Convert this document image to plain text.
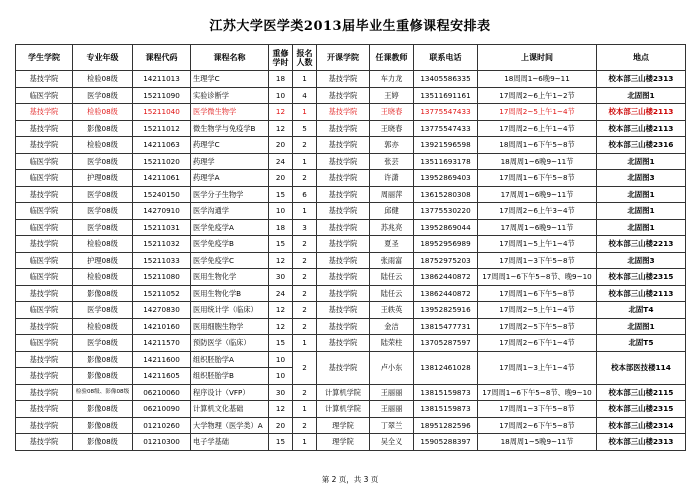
江苏大学医学类2013届毕业生重修课程安排表
学生学院	专业年级	课程代码	课程名称	重修学时	报名人数	开课学院	任课教师	联系电话	上课时间	地点
基技学院	检验08级	14211013	生理学C	18	1	基技学院	车力龙	13405586335	18周周1~6晚9~11	校本部三山楼2313
临医学院	医学08级	15211090	实验诊断学	10	4	基技学院	王婷	13511691161	17周周2~6上午1~2节	北固图1
基技学院	检验08级	15211040	医学微生物学	12	1	基技学院	王晓春	13775547433	17周周2~5上午1~4节	校本部三山楼2113
基技学院	影像08级	15211012	微生物学与免疫学B	12	5	基技学院	王晓春	13775547433	17周周2~6上午1~4节	校本部三山楼2113
基技学院	检验08级	14211063	药理学C	20	2	基技学院	郭亦	13921596598	18周周1~6下午5~8节	校本部三山楼2316
临医学院	医学08级	15211020	药理学	24	1	基技学院	张芸	13511693178	18周周1~6晚9~11节	北固图1
临医学院	护理08级	14211061	药理学A	20	2	基技学院	许潇	13952869403	17周周1~6下午5~8节	北固图3
基技学院	医学08级	15240150	医学分子生物学	15	6	基技学院	周丽萍	13615280308	17周周1~6晚9~11节	北固图1
临医学院	医学08级	14270910	医学沟通学	10	1	基技学院	邱健	13775530220	17周周2~6上午3~4节	北固图1
临医学院	医学08级	15211031	医学免疫学A	18	3	基技学院	苏兆亮	13952869044	17周周1~6晚9~11节	北固图1
基技学院	检验08级	15211032	医学免疫学B	15	2	基技学院	夏圣	18952956989	17周周1~5上午1~4节	校本部三山楼2213
临医学院	护理08级	15211033	医学免疫学C	12	2	基技学院	张雨富	18752975203	17周周1~3下午5~8节	北固图3
临医学院	检验08级	15211080	医用生物化学	30	2	基技学院	陆任云	13862440872	17周周1~6下午5~8节、晚9~10	校本部三山楼2315
基技学院	影像08级	15211052	医用生物化学B	24	2	基技学院	陆任云	13862440872	17周周1~6下午5~8节	校本部三山楼2113
临医学院	医学08级	14270830	医用统计学（临床）	12	2	基技学院	王轶英	13952825916	17周周2~5上午1~4节	北固T4
基技学院	检验08级	14210160	医用细胞生物学	12	2	基技学院	金洁	13815477731	17周周2~5下午5~8节	北固图1
临医学院	医学08级	14211570	预防医学（临床）	15	1	基技学院	陆荣柱	13705287597	17周周2~6下午1~4节	北固T5
基技学院	影像08级	14211600	组织胚胎学A	10	2	基技学院	卢小东	13812461028	17周周1~3上午1~4节	校本部医技楼114
基技学院	影像08级	14211605	组织胚胎学B	10						
基技学院	检验08级、影像08级	06210060	程序设计（VFP）	30	2	计算机学院	王丽丽	13815159873	17周周1~6下午5~8节、晚9~10	校本部三山楼2115
基技学院	影像08级	06210090	计算机文化基础	12	1	计算机学院	王丽丽	13815159873	17周周1~3下午5~8节	校本部三山楼2315
基技学院	影像08级	01210260	大学物理（医学类）A	20	2	理学院	丁翠兰	18951282596	17周周2~6下午5~8节	校本部三山楼2314
基技学院	影像08级	01210300	电子学基础	15	1	理学院	吴全义	15905288397	18周周1~5晚9~11节	校本部三山楼2313
第 2 页，共 3 页
